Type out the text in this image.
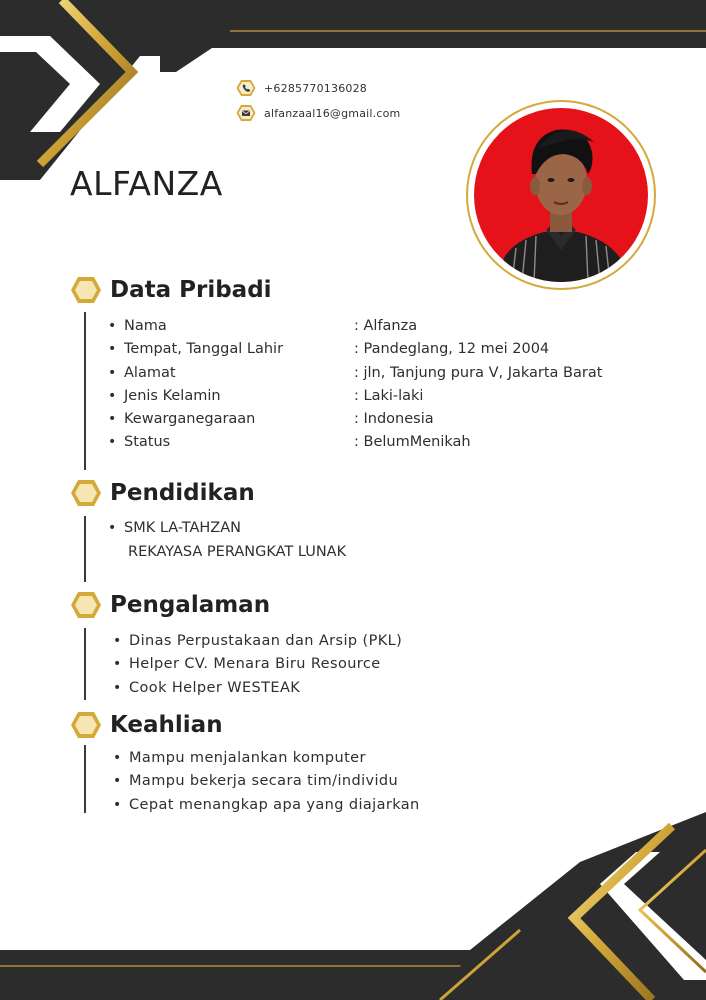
+6285770136028
alfanzaal16@gmail.com
ALFANZA
Data Pribadi
• Nama	: Alfanza
• Tempat, Tanggal Lahir	: Pandeglang, 12 mei 2004
• Alamat	: jln, Tanjung pura V, Jakarta Barat
• Jenis Kelamin	: Laki-laki
• Kewarganegaraan	: Indonesia
• Status	: BelumMenikah
Pendidikan
• SMK LA-TAHZAN
REKAYASA PERANGKAT LUNAK
Pengalaman
• Dinas Perpustakaan dan Arsip (PKL)
• Helper CV. Menara Biru Resource
• Cook Helper WESTEAK
Keahlian
• Mampu menjalankan komputer
• Mampu bekerja secara tim/individu
• Cepat menangkap apa yang diajarkan
